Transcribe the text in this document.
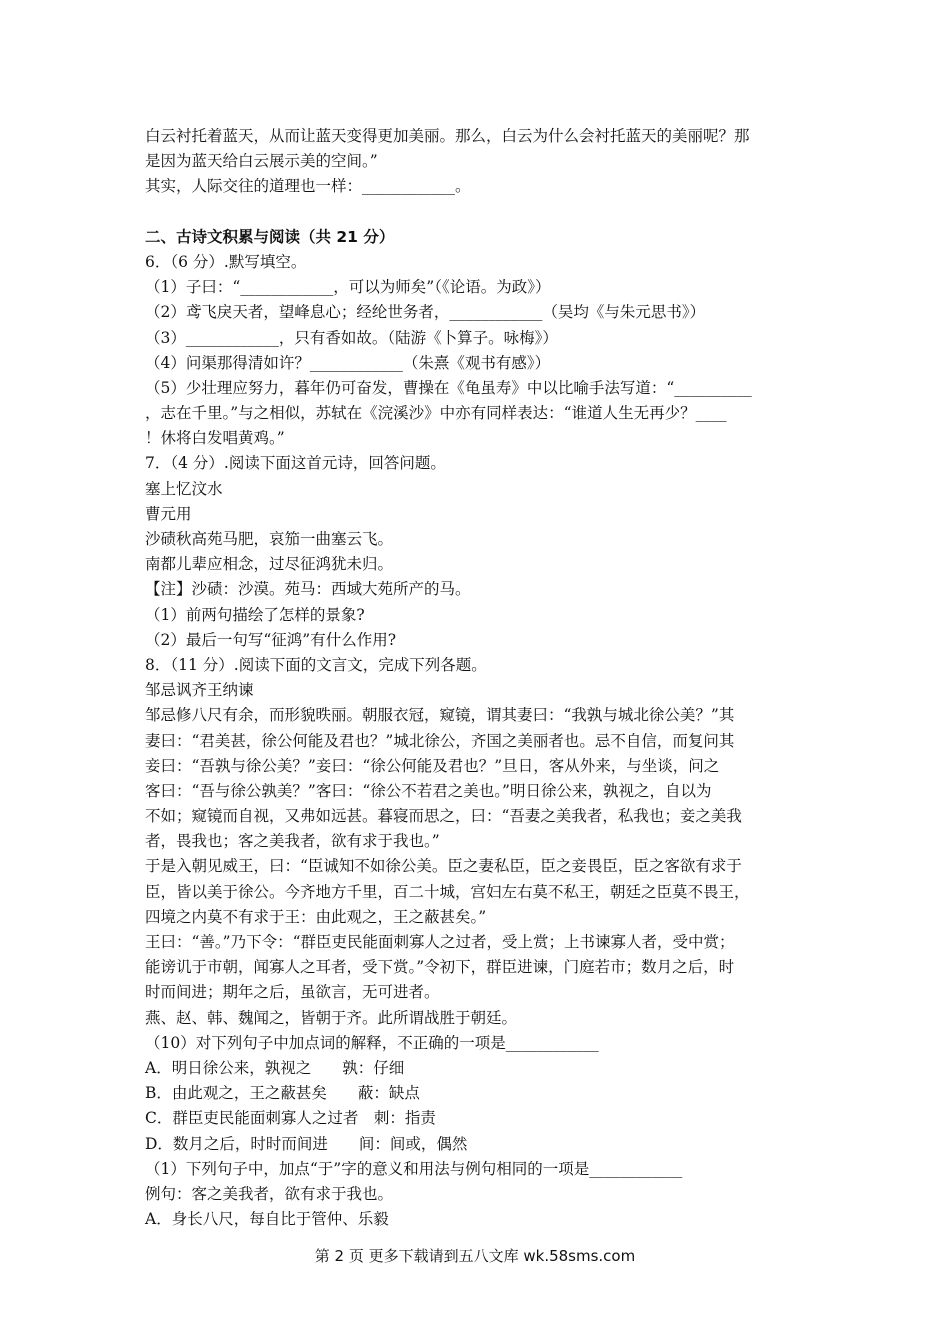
白云衬托着蓝天，从而让蓝天变得更加美丽。那么，白云为什么会衬托蓝天的美丽呢？那
是因为蓝天给白云展示美的空间。”
其实，人际交往的道理也一样：____________。
二、古诗文积累与阅读（共 21 分）
6．（6 分）.默写填空。
（1）子曰：“____________，可以为师矣”（《论语。为政》）
（2）鸢飞戾天者，望峰息心；经纶世务者，____________（吴均《与朱元思书》）
（3）____________，只有香如故。（陆游《卜算子。咏梅》）
（4）问渠那得清如许？____________（朱熹《观书有感》）
（5）少壮理应努力，暮年仍可奋发，曹操在《龟虽寿》中以比喻手法写道：“__________
，志在千里。”与之相似，苏轼在《浣溪沙》中亦有同样表达：“谁道人生无再少？____
！休将白发唱黄鸡。”
7．（4 分）.阅读下面这首元诗，回答问题。
塞上忆汶水
曹元用
沙碛秋高苑马肥，哀笳一曲塞云飞。
南都儿辈应相念，过尽征鸿犹未归。
【注】沙碛：沙漠。苑马：西域大苑所产的马。
（1）前两句描绘了怎样的景象?
（2）最后一句写“征鸿”有什么作用?
8．（11 分）.阅读下面的文言文，完成下列各题。
邹忌讽齐王纳谏
邹忌修八尺有余，而形貌昳丽。朝服衣冠，窥镜，谓其妻曰：“我孰与城北徐公美？”其
妻曰：“君美甚，徐公何能及君也？”城北徐公，齐国之美丽者也。忌不自信，而复问其
妾曰：“吾孰与徐公美？”妾曰：“徐公何能及君也？”旦日，客从外来，与坐谈，问之
客曰：“吾与徐公孰美？”客曰：“徐公不若君之美也。”明日徐公来，孰视之，自以为
不如；窥镜而自视，又弗如远甚。暮寝而思之，曰：“吾妻之美我者，私我也；妾之美我
者，畏我也；客之美我者，欲有求于我也。”
于是入朝见威王，曰：“臣诚知不如徐公美。臣之妻私臣，臣之妾畏臣，臣之客欲有求于
臣，皆以美于徐公。今齐地方千里，百二十城，宫妇左右莫不私王，朝廷之臣莫不畏王，
四境之内莫不有求于王：由此观之，王之蔽甚矣。”
王曰：“善。”乃下令：“群臣吏民能面刺寡人之过者，受上赏；上书谏寡人者，受中赏；
能谤讥于市朝，闻寡人之耳者，受下赏。”令初下，群臣进谏，门庭若市；数月之后，时
时而间进；期年之后，虽欲言，无可进者。
燕、赵、韩、魏闻之，皆朝于齐。此所谓战胜于朝廷。
（10）对下列句子中加点词的解释，不正确的一项是____________
A．明日徐公来，孰视之　　孰：仔细
B．由此观之，王之蔽甚矣　　蔽：缺点
C．群臣吏民能面刺寡人之过者　刺：指责
D．数月之后，时时而间进　　间：间或，偶然
（1）下列句子中，加点“于”字的意义和用法与例句相同的一项是____________
例句：客之美我者，欲有求于我也。
A．身长八尺，每自比于管仲、乐毅
第 2 页 更多下载请到五八文库 wk.58sms.com
